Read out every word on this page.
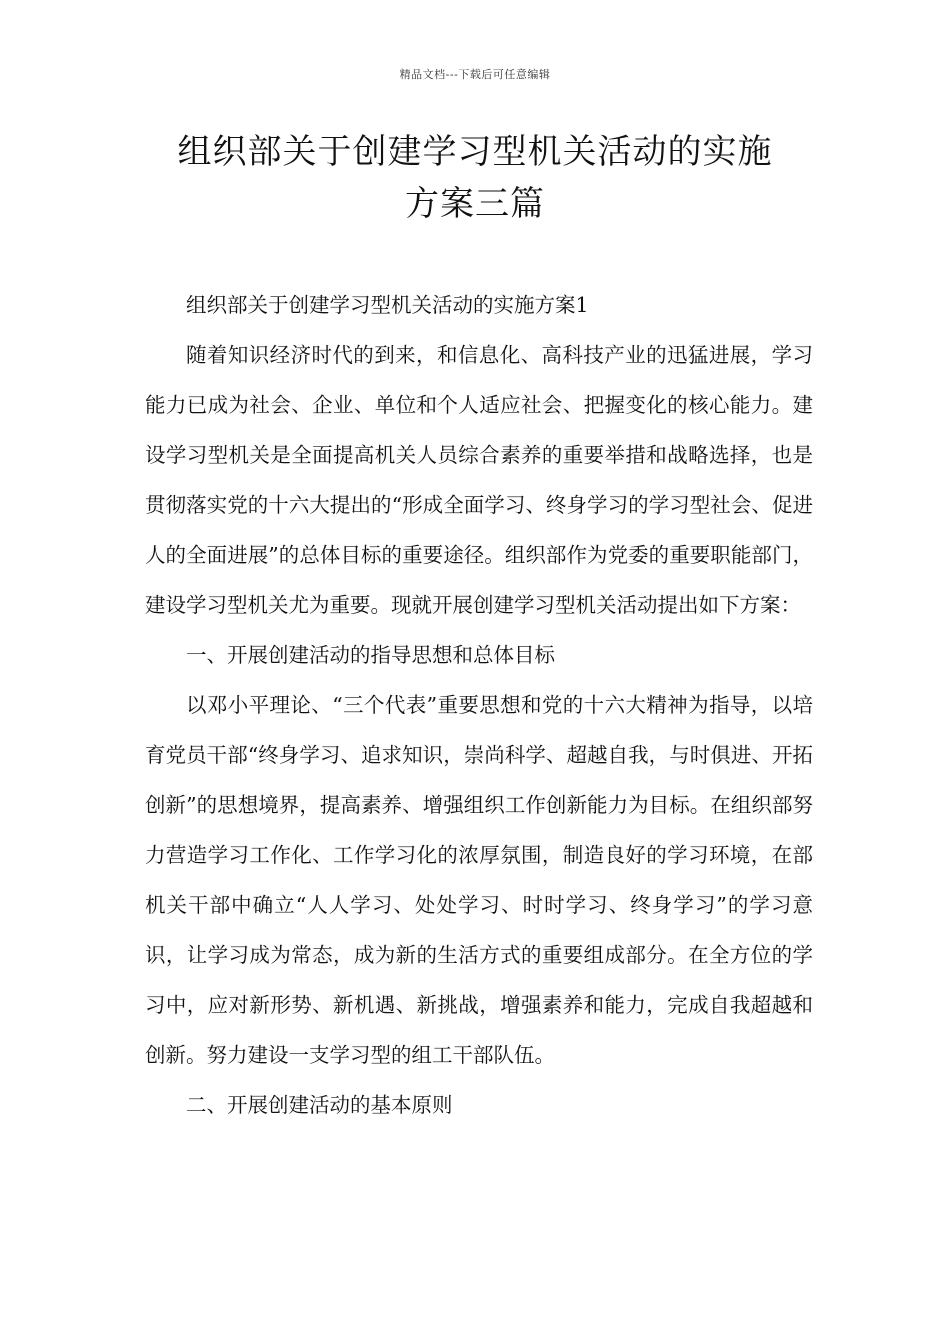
精品文档---下载后可任意编辑
组织部关于创建学习型机关活动的实施
方案三篇

组织部关于创建学习型机关活动的实施方案1

随着知识经济时代的到来，和信息化、高科技产业的迅猛进展，学习能力已成为社会、企业、单位和个人适应社会、把握变化的核心能力。建设学习型机关是全面提高机关人员综合素养的重要举措和战略选择，也是贯彻落实党的十六大提出的“形成全面学习、终身学习的学习型社会、促进人的全面进展”的总体目标的重要途径。组织部作为党委的重要职能部门，建设学习型机关尤为重要。现就开展创建学习型机关活动提出如下方案：

一、开展创建活动的指导思想和总体目标

以邓小平理论、“三个代表”重要思想和党的十六大精神为指导，以培育党员干部“终身学习、追求知识，崇尚科学、超越自我，与时俱进、开拓创新”的思想境界，提高素养、增强组织工作创新能力为目标。在组织部努力营造学习工作化、工作学习化的浓厚氛围，制造良好的学习环境，在部机关干部中确立“人人学习、处处学习、时时学习、终身学习”的学习意识，让学习成为常态，成为新的生活方式的重要组成部分。在全方位的学习中，应对新形势、新机遇、新挑战，增强素养和能力，完成自我超越和创新。努力建设一支学习型的组工干部队伍。

二、开展创建活动的基本原则
